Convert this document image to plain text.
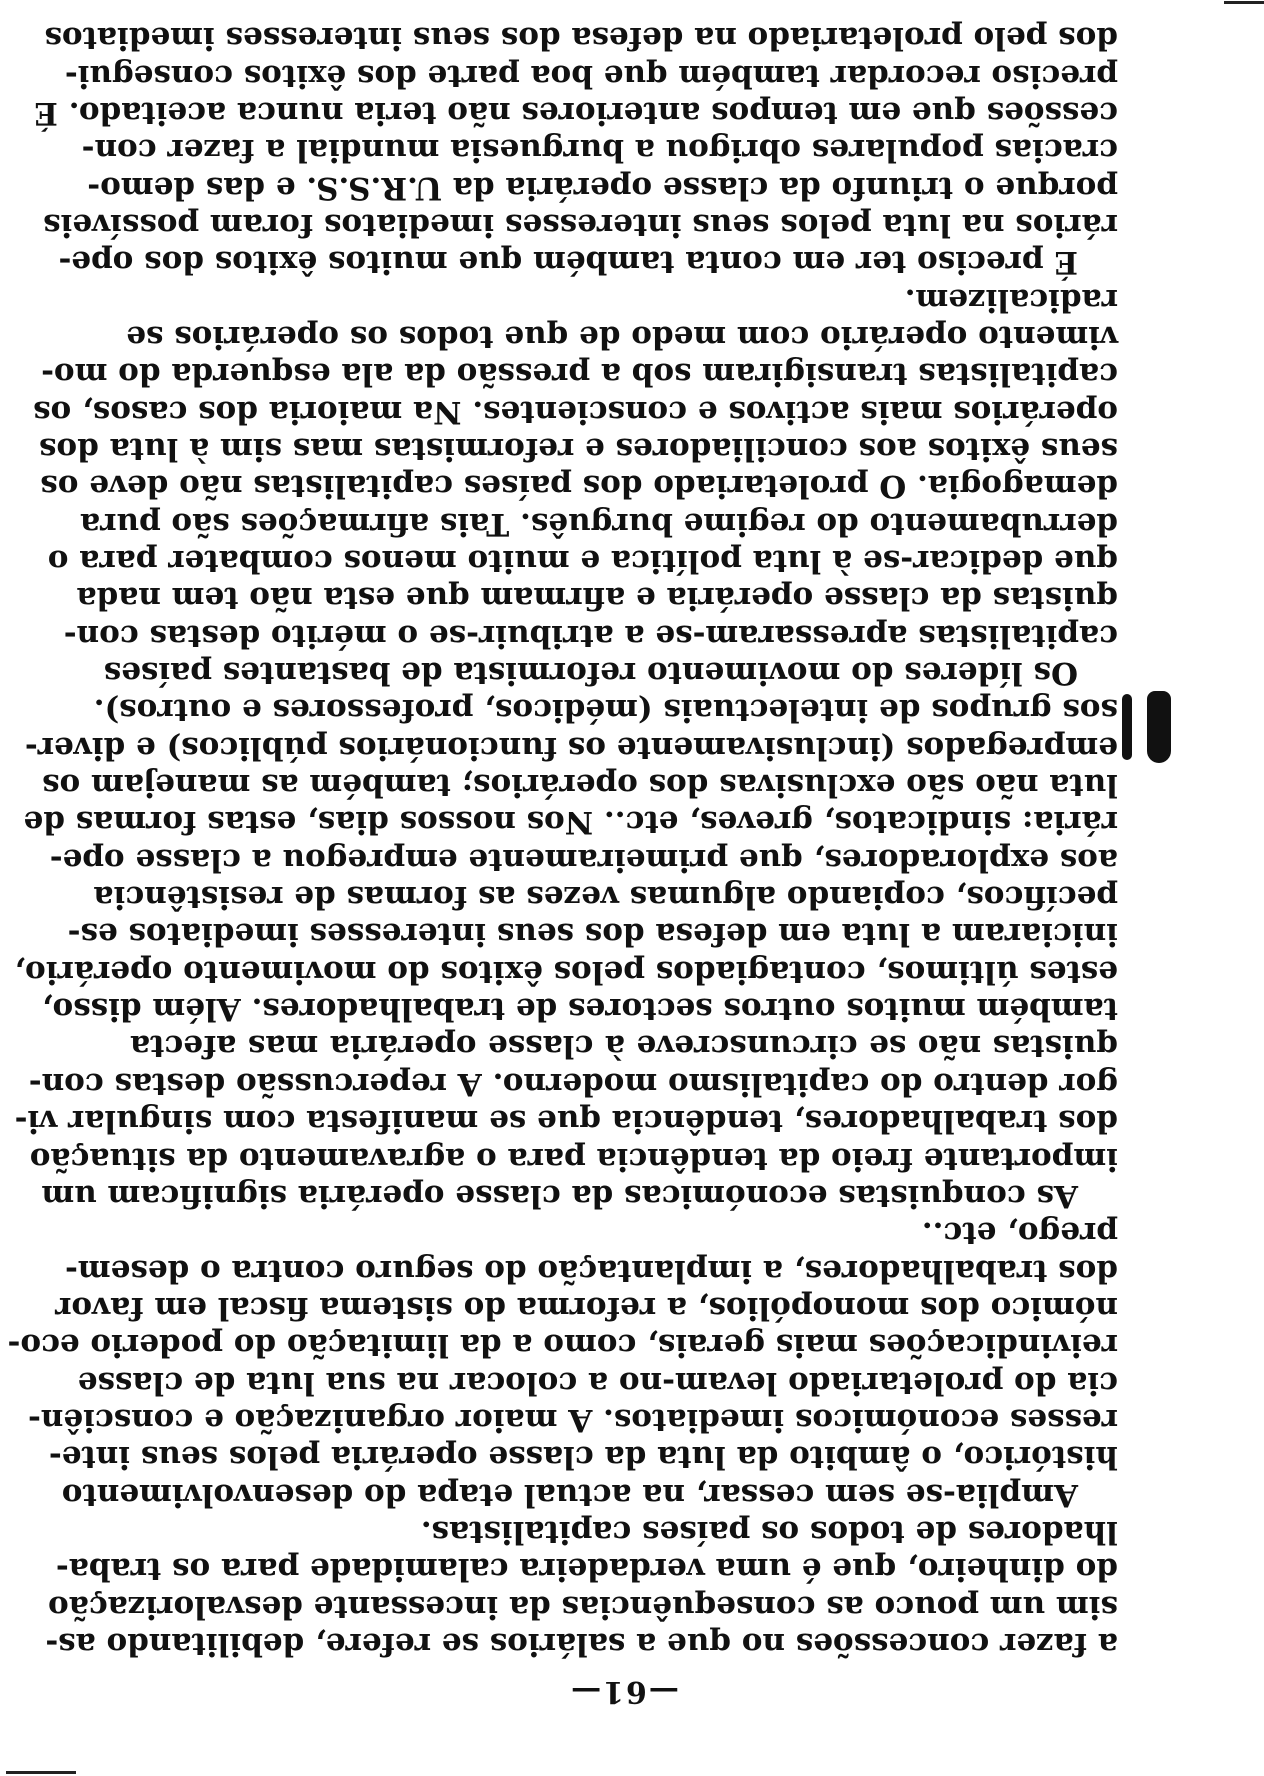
—61—
a fazer concessões no que a salários se refere, debilitando as-
sim um pouco as consequências da incessante desvalorização
do dinheiro, que é uma verdadeira calamidade para os traba-
lhadores de todos os países capitalistas.
Amplia-se sem cessar, na actual etapa do desenvolvimento
histórico, o âmbito da luta da classe operária pelos seus inte-
resses económicos imediatos. A maior organização e consciên-
cia do proletariado levam-no a colocar na sua luta de classe
reivindicações mais gerais, como a da limitação do poderio eco-
nómico dos monopólios, a reforma do sistema fiscal em favor
dos trabalhadores, a implantação do seguro contra o desem-
prego, etc..
As conquistas económicas da classe operária significam um
importante freio da tendência para o agravamento da situação
dos trabalhadores, tendência que se manifesta com singular vi-
gor dentro do capitalismo moderno. A repercussão destas con-
quistas não se circunscreve à classe operária mas afecta
também muitos outros sectores de trabalhadores. Além disso,
estes últimos, contagiados pelos êxitos do movimento operário,
iniciaram a luta em defesa dos seus interesses imediatos es-
pecíficos, copiando algumas vezes as formas de resistência
aos exploradores, que primeiramente empregou a classe ope-
rária: sindicatos, greves, etc.. Nos nossos dias, estas formas de
luta não são exclusivas dos operários; também as manejam os
empregados (inclusivamente os funcionários públicos) e diver-
sos grupos de intelectuais (médicos, professores e outros).
Os líderes do movimento reformista de bastantes países
capitalistas apressaram-se a atribuir-se o mérito destas con-
quistas da classe operária e afirmam que esta não tem nada
que dedicar-se à luta política e muito menos combater para o
derrubamento do regime burguês. Tais afirmações são pura
demagogia. O proletariado dos países capitalistas não deve os
seus êxitos aos conciliadores e reformistas mas sim à luta dos
operários mais activos e conscientes. Na maioria dos casos, os
capitalistas transigiram sob a pressão da ala esquerda do mo-
vimento operário com medo de que todos os operários se
radicalizem.
É preciso ter em conta também que muitos êxitos dos ope-
rários na luta pelos seus interesses imediatos foram possíveis
porque o triunfo da classe operária da U.R.S.S. e das demo-
cracias populares obrigou a burguesia mundial a fazer con-
cessões que em tempos anteriores não teria nunca aceitado. É
preciso recordar também que boa parte dos êxitos consegui-
dos pelo proletariado na defesa dos seus interesses imediatos
